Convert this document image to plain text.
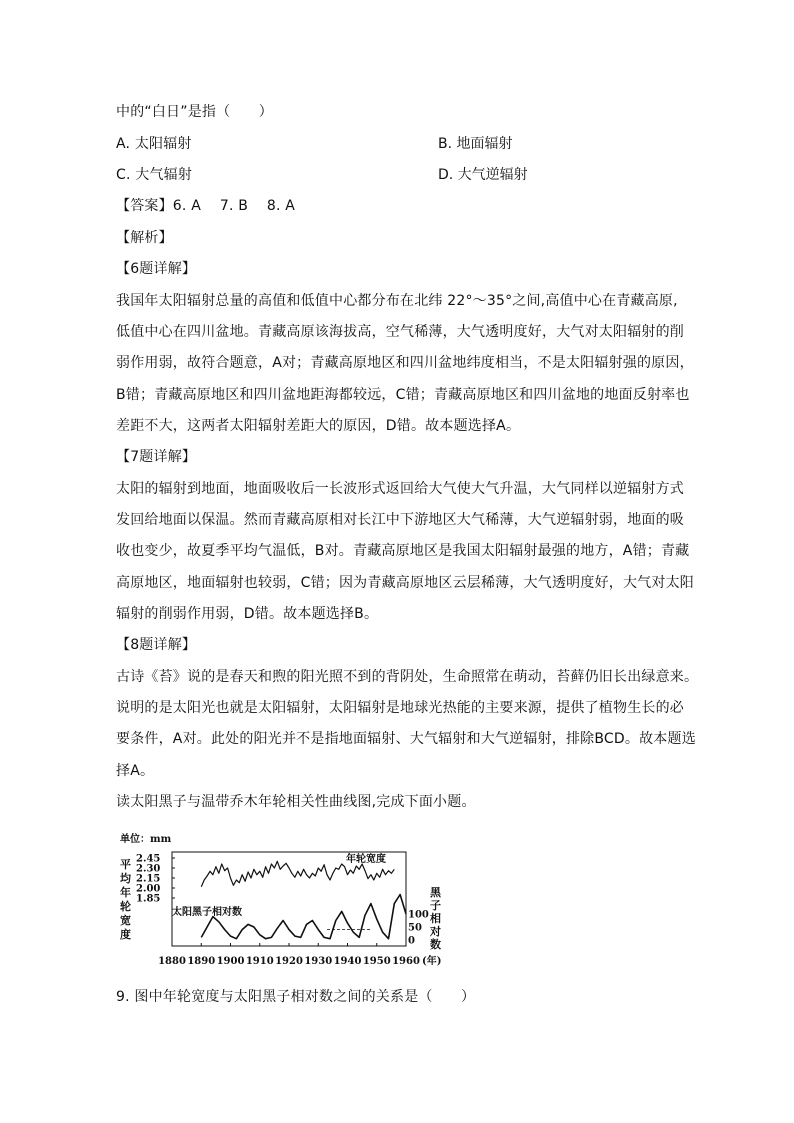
中的“白日”是指（　　）
A. 太阳辐射	B. 地面辐射
C. 大气辐射	D. 大气逆辐射
【答案】6. A　 7. B　 8. A
【解析】
【6题详解】
我国年太阳辐射总量的高值和低值中心都分布在北纬 22°～35°之间,高值中心在青藏高原,
低值中心在四川盆地。青藏高原该海拔高，空气稀薄，大气透明度好，大气对太阳辐射的削
弱作用弱，故符合题意，A对；青藏高原地区和四川盆地纬度相当，不是太阳辐射强的原因，
B错；青藏高原地区和四川盆地距海都较远，C错；青藏高原地区和四川盆地的地面反射率也
差距不大，这两者太阳辐射差距大的原因，D错。故本题选择A。
【7题详解】
太阳的辐射到地面，地面吸收后一长波形式返回给大气使大气升温，大气同样以逆辐射方式
发回给地面以保温。然而青藏高原相对长江中下游地区大气稀薄，大气逆辐射弱，地面的吸
收也变少，故夏季平均气温低，B对。青藏高原地区是我国太阳辐射最强的地方，A错；青藏
高原地区，地面辐射也较弱，C错；因为青藏高原地区云层稀薄，大气透明度好，大气对太阳
辐射的削弱作用弱，D错。故本题选择B。
【8题详解】
古诗《苔》说的是春天和煦的阳光照不到的背阴处，生命照常在萌动，苔藓仍旧长出绿意来。
说明的是太阳光也就是太阳辐射，太阳辐射是地球光热能的主要来源，提供了植物生长的必
要条件，A对。此处的阳光并不是指地面辐射、大气辐射和大气逆辐射，排除BCD。故本题选
择A。
读太阳黑子与温带乔木年轮相关性曲线图,完成下面小题。
单位：mm
平
均
年
轮
宽
度
黑
子
相
对
数
2.45
2.30
2.15
2.00
1.85
100
50
0
1880 1890 1900 1910 1920 1930 1940 1950 1960
年轮宽度
太阳黑子相对数
(年)
9. 图中年轮宽度与太阳黑子相对数之间的关系是（　　）
